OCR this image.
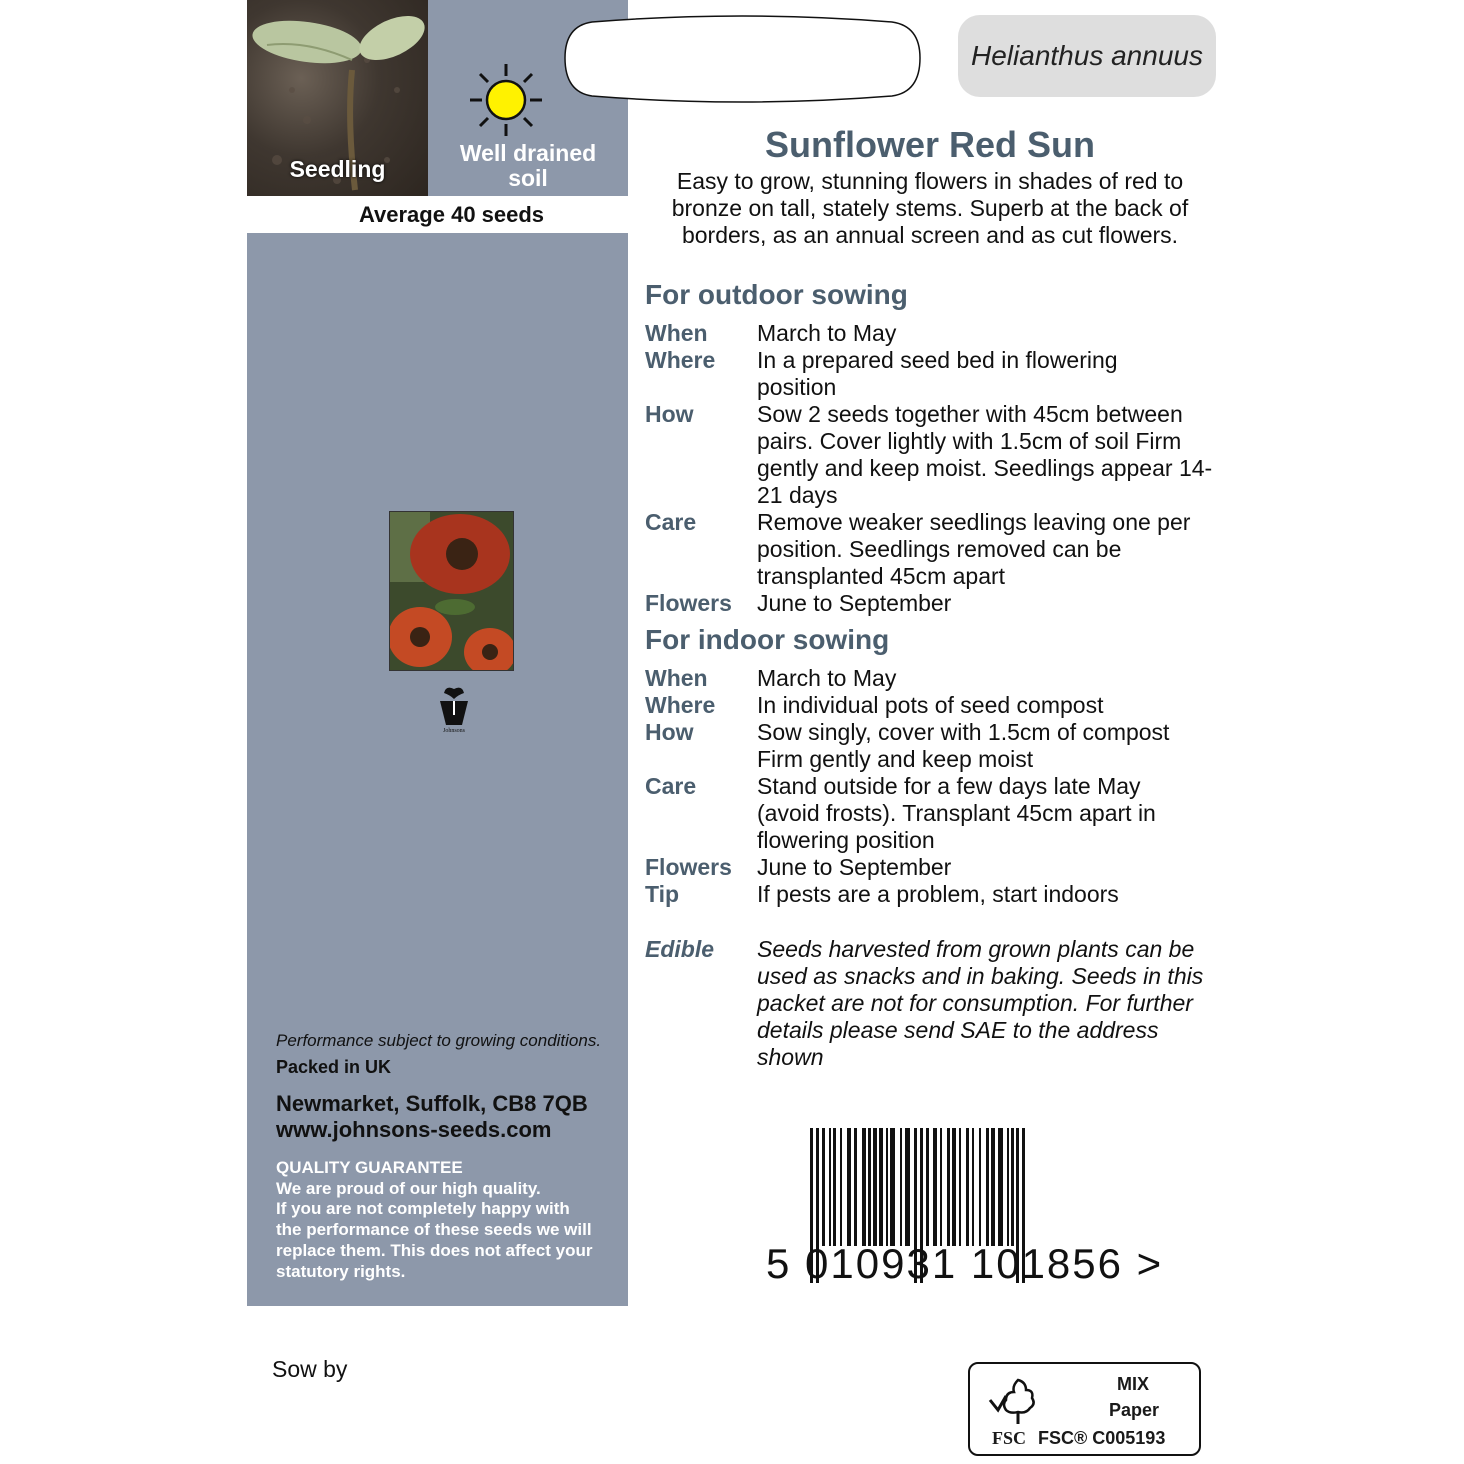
Seedling
Well drained
soil
Average 40 seeds
Johnsons
Performance subject to growing conditions.
Packed in UK
Newmarket, Suffolk, CB8 7QB
www.johnsons-seeds.com
QUALITY GUARANTEE
We are proud of our high quality.
If you are not completely happy with
the performance of these seeds we will
replace them. This does not affect your
statutory rights.
Helianthus annuus
Sunflower Red Sun
Easy to grow, stunning flowers in shades of red to
bronze on tall, stately stems. Superb at the back of
borders, as an annual screen and as cut flowers.
For outdoor sowing
When	March to May
Where	In a prepared seed bed in flowering position
How	Sow 2 seeds together with 45cm between pairs. Cover lightly with 1.5cm of soil Firm gently and keep moist. Seedlings appear 14-21 days
Care	Remove weaker seedlings leaving one per position. Seedlings removed can be transplanted 45cm apart
Flowers	June to September
For indoor sowing
When	March to May
Where	In individual pots of seed compost
How	Sow singly, cover with 1.5cm of compost Firm gently and keep moist
Care	Stand outside for a few days late May (avoid frosts). Transplant 45cm apart in flowering position
Flowers	June to September
Tip	If pests are a problem, start indoors
Edible	Seeds harvested from grown plants can be used as snacks and in baking. Seeds in this packet are not for consumption. For further details please send SAE to the address shown
5 010931 101856 >
Sow by
MIX
Paper
FSC FSC® C005193
